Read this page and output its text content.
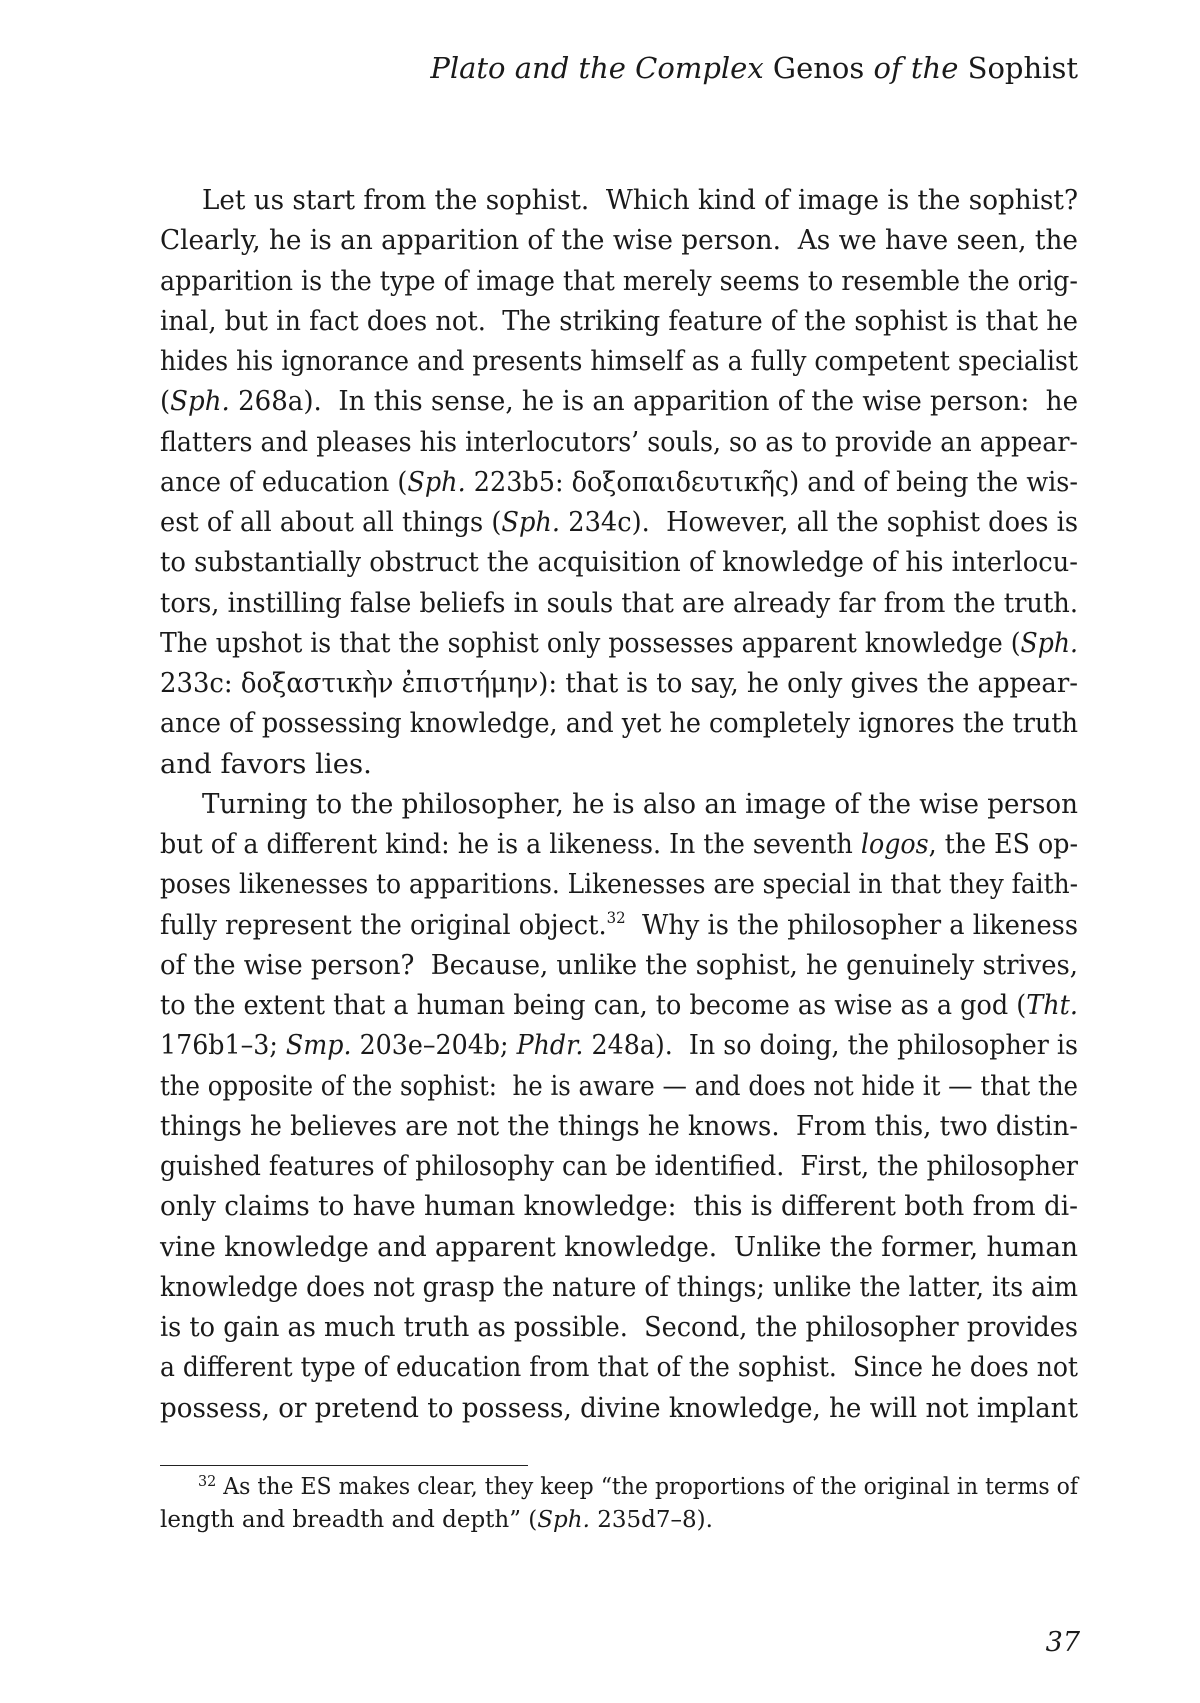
Plato and the Complex Genos of the Sophist
Let us start from the sophist.  Which kind of image is the sophist?
Clearly, he is an apparition of the wise person.  As we have seen, the
apparition is the type of image that merely seems to resemble the orig-
inal, but in fact does not.  The striking feature of the sophist is that he
hides his ignorance and presents himself as a fully competent specialist
(Sph. 268a).  In this sense, he is an apparition of the wise person:  he
flatters and pleases his interlocutors’ souls, so as to provide an appear-
ance of education (Sph. 223b5: δοξοπαιδευτικῆς) and of being the wis-
est of all about all things (Sph. 234c).  However, all the sophist does is
to substantially obstruct the acquisition of knowledge of his interlocu-
tors, instilling false beliefs in souls that are already far from the truth.
The upshot is that the sophist only possesses apparent knowledge (Sph.
233c: δοξαστικὴν ἐπιστήμην): that is to say, he only gives the appear-
ance of possessing knowledge, and yet he completely ignores the truth
and favors lies.
Turning to the philosopher, he is also an image of the wise person
but of a different kind: he is a likeness. In the seventh logos, the ES op-
poses likenesses to apparitions. Likenesses are special in that they faith-
fully represent the original object.$^{32}$  Why is the philosopher a likeness
of the wise person?  Because, unlike the sophist, he genuinely strives,
to the extent that a human being can, to become as wise as a god (Tht.
176b1–3; Smp. 203e–204b; Phdr. 248a).  In so doing, the philosopher is
the opposite of the sophist:  he is aware — and does not hide it — that the
things he believes are not the things he knows.  From this, two distin-
guished features of philosophy can be identified.  First, the philosopher
only claims to have human knowledge:  this is different both from di-
vine knowledge and apparent knowledge.  Unlike the former, human
knowledge does not grasp the nature of things; unlike the latter, its aim
is to gain as much truth as possible.  Second, the philosopher provides
a different type of education from that of the sophist.  Since he does not
possess, or pretend to possess, divine knowledge, he will not implant
$^{32}$ As the ES makes clear, they keep “the proportions of the original in terms of
length and breadth and depth” ( Sph. 235d7–8).
37
